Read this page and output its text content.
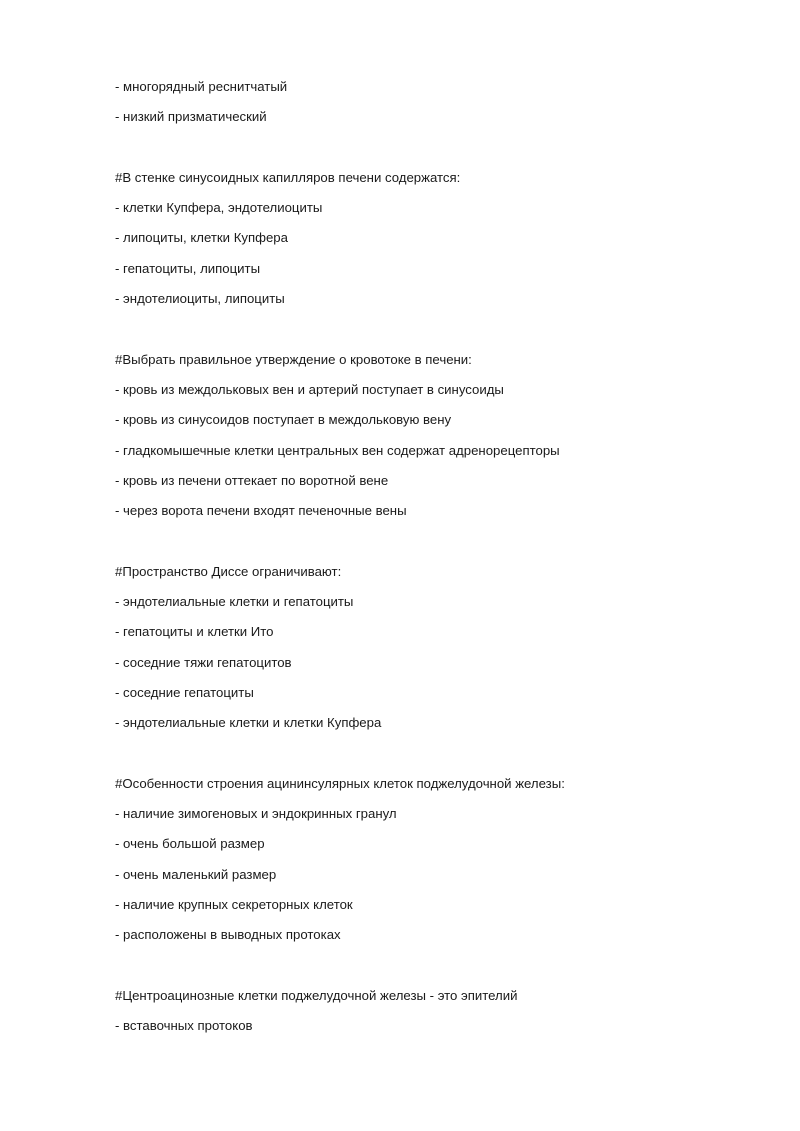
- многорядный реснитчатый
- низкий призматический
#В стенке синусоидных капилляров печени содержатся:
- клетки Купфера, эндотелиоциты
- липоциты, клетки Купфера
- гепатоциты, липоциты
- эндотелиоциты, липоциты
#Выбрать правильное утверждение о кровотоке в печени:
- кровь из междольковых вен и артерий поступает в синусоиды
- кровь из синусоидов поступает в междольковую вену
- гладкомышечные клетки центральных вен содержат адренорецепторы
- кровь из печени оттекает по воротной вене
- через ворота печени входят печеночные вены
#Пространство Диссе ограничивают:
- эндотелиальные клетки и гепатоциты
- гепатоциты и клетки Ито
- соседние тяжи гепатоцитов
- соседние гепатоциты
- эндотелиальные клетки и клетки Купфера
#Особенности строения ацининсулярных клеток поджелудочной железы:
- наличие зимогеновых и эндокринных гранул
- очень большой размер
- очень маленький размер
- наличие крупных секреторных клеток
- расположены в выводных протоках
#Центроацинозные клетки поджелудочной железы - это эпителий
- вставочных протоков
